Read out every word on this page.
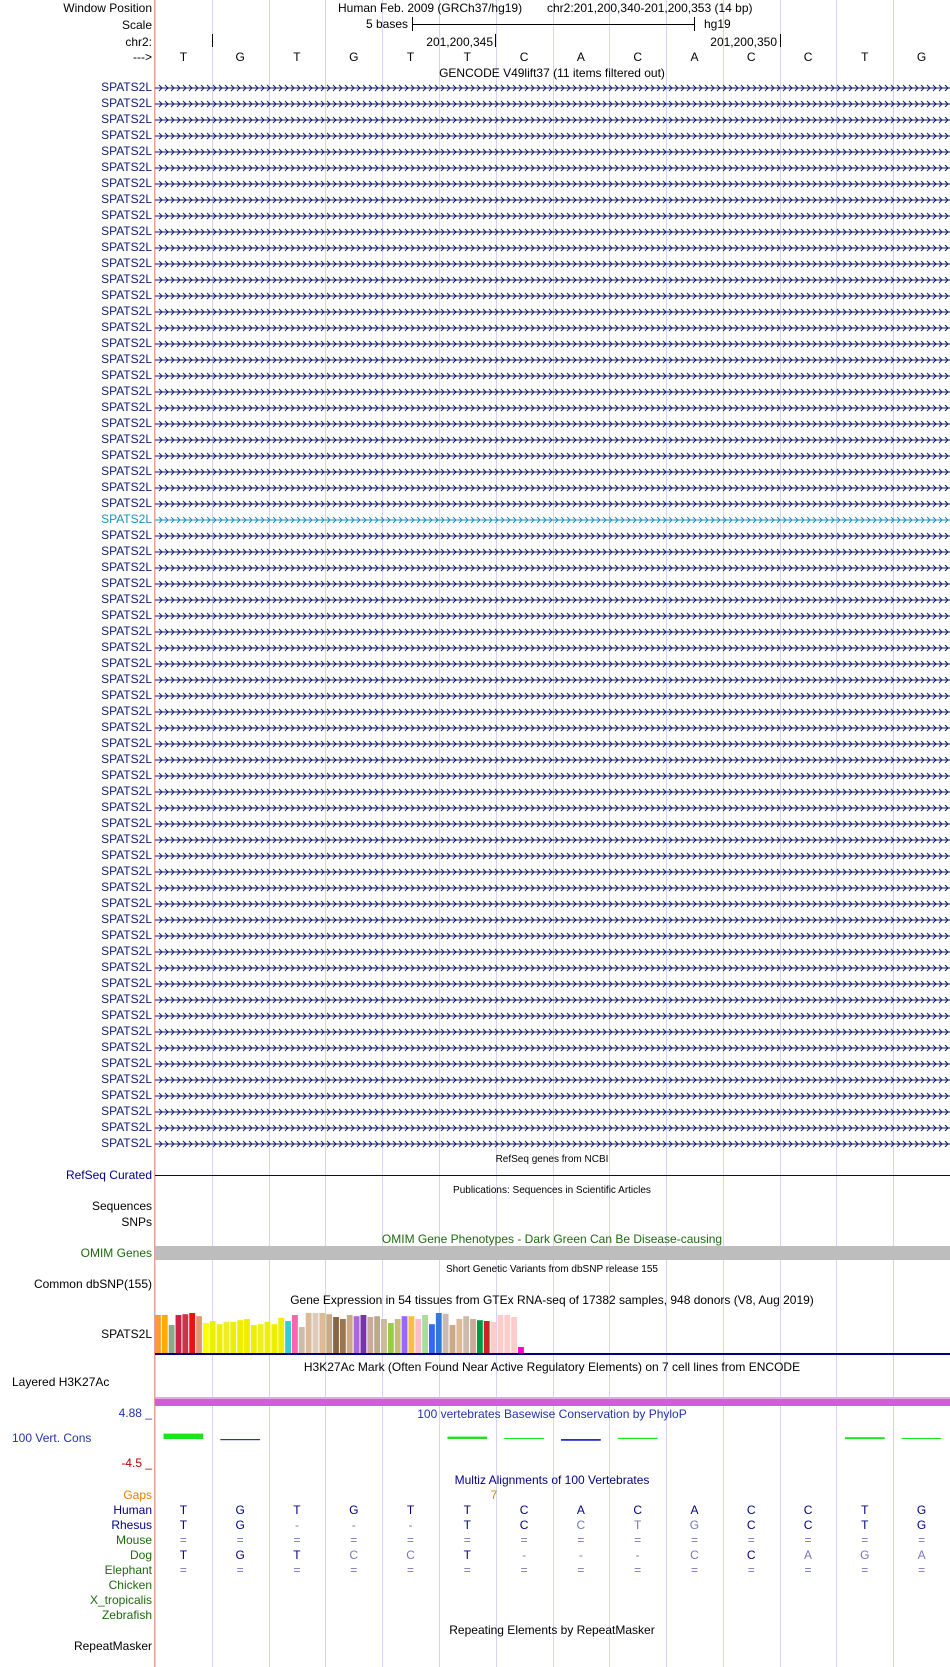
Window Position	Human Feb. 2009 (GRCh37/hg19) chr2:201,200,340-201,200,353 (14 bp)
Scale	5 bases	hg19
chr2:	201,200,345	201,200,350
--->	T	G	T	G	T	T	C	A	C	A	C	C	T	G
GENCODE V49lift37 (11 items filtered out)
SPATS2L
SPATS2L
SPATS2L
SPATS2L
SPATS2L
SPATS2L
SPATS2L
SPATS2L
SPATS2L
SPATS2L
SPATS2L
SPATS2L
SPATS2L
SPATS2L
SPATS2L
SPATS2L
SPATS2L
SPATS2L
SPATS2L
SPATS2L
SPATS2L
SPATS2L
SPATS2L
SPATS2L
SPATS2L
SPATS2L
SPATS2L
SPATS2L
SPATS2L
SPATS2L
SPATS2L
SPATS2L
SPATS2L
SPATS2L
SPATS2L
SPATS2L
SPATS2L
SPATS2L
SPATS2L
SPATS2L
SPATS2L
SPATS2L
SPATS2L
SPATS2L
SPATS2L
SPATS2L
SPATS2L
SPATS2L
SPATS2L
SPATS2L
SPATS2L
SPATS2L
SPATS2L
SPATS2L
SPATS2L
SPATS2L
SPATS2L
SPATS2L
SPATS2L
SPATS2L
SPATS2L
SPATS2L
SPATS2L
SPATS2L
SPATS2L
SPATS2L
SPATS2L
RefSeq genes from NCBI
RefSeq Curated
Publications: Sequences in Scientific Articles
Sequences
SNPs
OMIM Gene Phenotypes - Dark Green Can Be Disease-causing
OMIM Genes
Short Genetic Variants from dbSNP release 155
Common dbSNP(155)
Gene Expression in 54 tissues from GTEx RNA-seq of 17382 samples, 948 donors (V8, Aug 2019)
SPATS2L
H3K27Ac Mark (Often Found Near Active Regulatory Elements) on 7 cell lines from ENCODE
Layered H3K27Ac
4.88 _	100 vertebrates Basewise Conservation by PhyloP
100 Vert. Cons
-4.5 _
Multiz Alignments of 100 Vertebrates
Gaps	7
Human	T	G	T	G	T	T	C	A	C	A	C	C	T	G
Rhesus	T	G	-	-	-	T	C	C	T	G	C	C	T	G
Mouse	=	=	=	=	=	=	=	=	=	=	=	=	=	=
Dog	T	G	T	C	C	T	-	-	-	C	C	A	G	A
Elephant	=	=	=	=	=	=	=	=	=	=	=	=	=	=
Chicken
X_tropicalis
Zebrafish
Repeating Elements by RepeatMasker
RepeatMasker
